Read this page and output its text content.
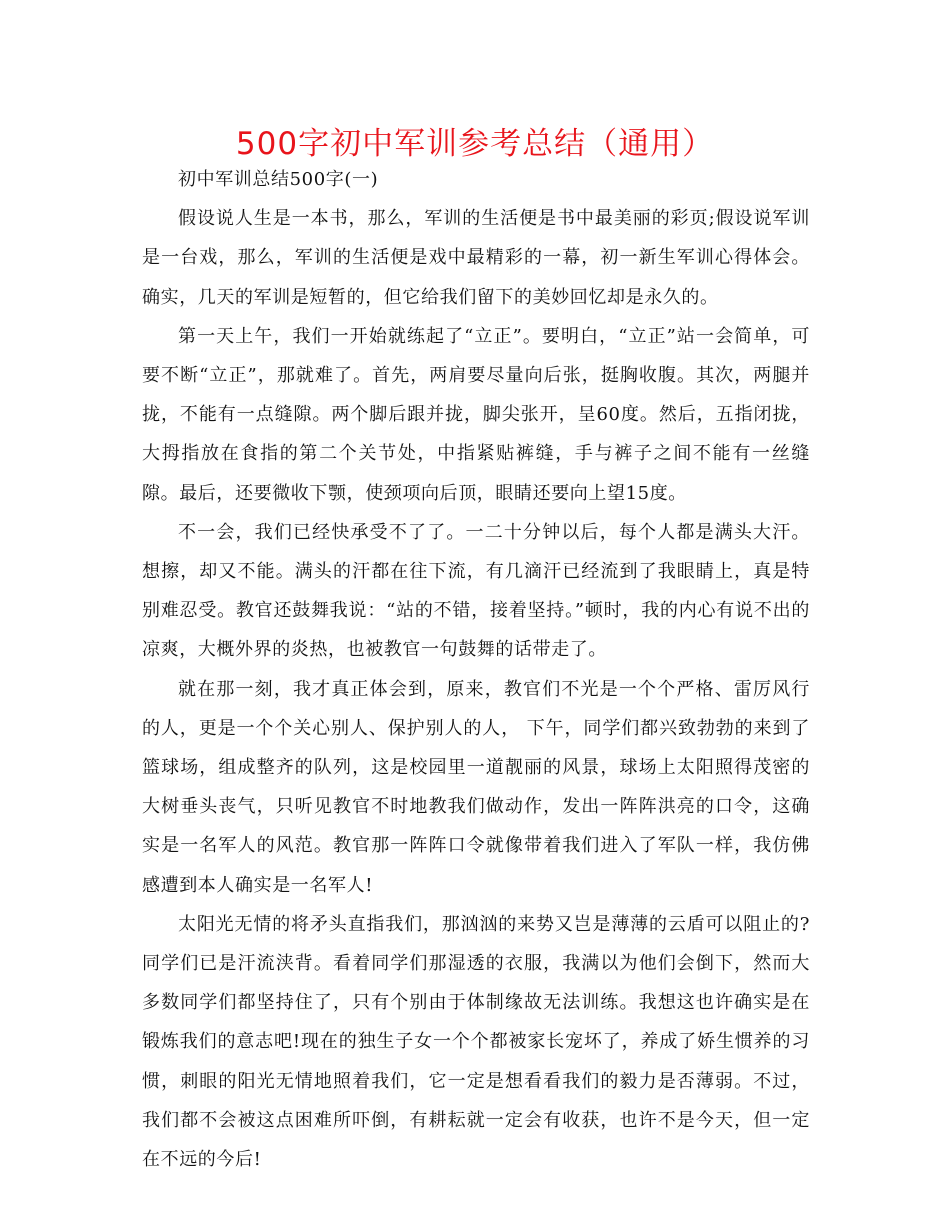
500字初中军训参考总结（通用）

初中军训总结500字(一)

假设说人生是一本书，那么，军训的生活便是书中最美丽的彩页;假设说军训是一台戏，那么，军训的生活便是戏中最精彩的一幕，初一新生军训心得体会。确实，几天的军训是短暂的，但它给我们留下的美妙回忆却是永久的。

第一天上午，我们一开始就练起了“立正”。要明白，“立正”站一会简单，可要不断“立正”，那就难了。首先，两肩要尽量向后张，挺胸收腹。其次，两腿并拢，不能有一点缝隙。两个脚后跟并拢，脚尖张开，呈60度。然后，五指闭拢，大拇指放在食指的第二个关节处，中指紧贴裤缝，手与裤子之间不能有一丝缝隙。最后，还要微收下颚，使颈项向后顶，眼睛还要向上望15度。

不一会，我们已经快承受不了了。一二十分钟以后，每个人都是满头大汗。想擦，却又不能。满头的汗都在往下流，有几滴汗已经流到了我眼睛上，真是特别难忍受。教官还鼓舞我说：“站的不错，接着坚持。”顿时，我的内心有说不出的凉爽，大概外界的炎热，也被教官一句鼓舞的话带走了。

就在那一刻，我才真正体会到，原来，教官们不光是一个个严格、雷厉风行的人，更是一个个关心别人、保护别人的人， 下午，同学们都兴致勃勃的来到了篮球场，组成整齐的队列，这是校园里一道靓丽的风景，球场上太阳照得茂密的大树垂头丧气，只听见教官不时地教我们做动作，发出一阵阵洪亮的口令，这确实是一名军人的风范。教官那一阵阵口令就像带着我们进入了军队一样，我仿佛感遭到本人确实是一名军人!

太阳光无情的将矛头直指我们，那汹汹的来势又岂是薄薄的云盾可以阻止的?同学们已是汗流浃背。看着同学们那湿透的衣服，我满以为他们会倒下，然而大多数同学们都坚持住了，只有个别由于体制缘故无法训练。我想这也许确实是在锻炼我们的意志吧!现在的独生子女一个个都被家长宠坏了，养成了娇生惯养的习惯，刺眼的阳光无情地照着我们，它一定是想看看我们的毅力是否薄弱。不过，我们都不会被这点困难所吓倒，有耕耘就一定会有收获，也许不是今天，但一定在不远的今后!
